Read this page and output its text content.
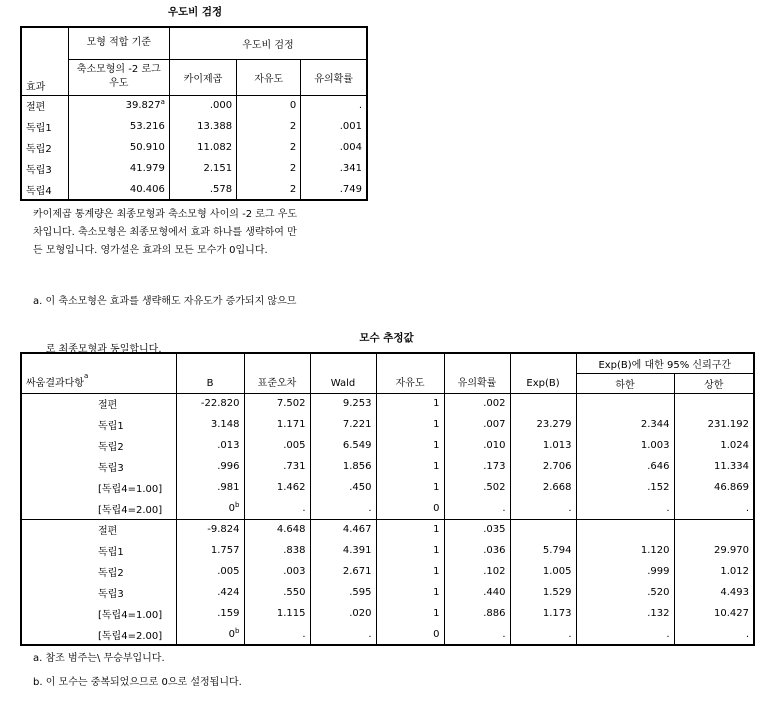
우도비 검정
효과	모형 적합 기준	우도비 검정		
	축소모형의 -2 로그 우도	카이제곱	자유도	유의확률
절편	39.827$^a$	.000	0	.
독립1	53.216	13.388	2	.001
독립2	50.910	11.082	2	.004
독립3	41.979	2.151	2	.341
독립4	40.406	.578	2	.749
카이제곱 통계량은 최종모형과 축소모형 사이의 -2 로그 우도
차입니다. 축소모형은 최종모형에서 효과 하나를 생략하여 만
든 모형입니다. 영가설은 효과의 모든 모수가 0입니다.

a. 이 축소모형은 효과를 생략해도 자유도가 증가되지 않으므

로 최종모형과 동일합니다.

모수 추정값
싸움결과다항$^a$	B	표준오차	Wald	자유도	유의확률	Exp(B)	Exp(B)에 대한 95% 신뢰구간	
							하한	상한
절편	-22.820	7.502	9.253	1	.002			
독립1	3.148	1.171	7.221	1	.007	23.279	2.344	231.192
독립2	.013	.005	6.549	1	.010	1.013	1.003	1.024
독립3	.996	.731	1.856	1	.173	2.706	.646	11.334
[독립4=1.00]	.981	1.462	.450	1	.502	2.668	.152	46.869
[독립4=2.00]	0$^b$	.	.	0	.	.	.	.
절편	-9.824	4.648	4.467	1	.035			
독립1	1.757	.838	4.391	1	.036	5.794	1.120	29.970
독립2	.005	.003	2.671	1	.102	1.005	.999	1.012
독립3	.424	.550	.595	1	.440	1.529	.520	4.493
[독립4=1.00]	.159	1.115	.020	1	.886	1.173	.132	10.427
[독립4=2.00]	0$^b$	.	.	0	.	.	.	.
a. 참조 범주는\ 무승부입니다.
b. 이 모수는 중복되었으므로 0으로 설정됩니다.
